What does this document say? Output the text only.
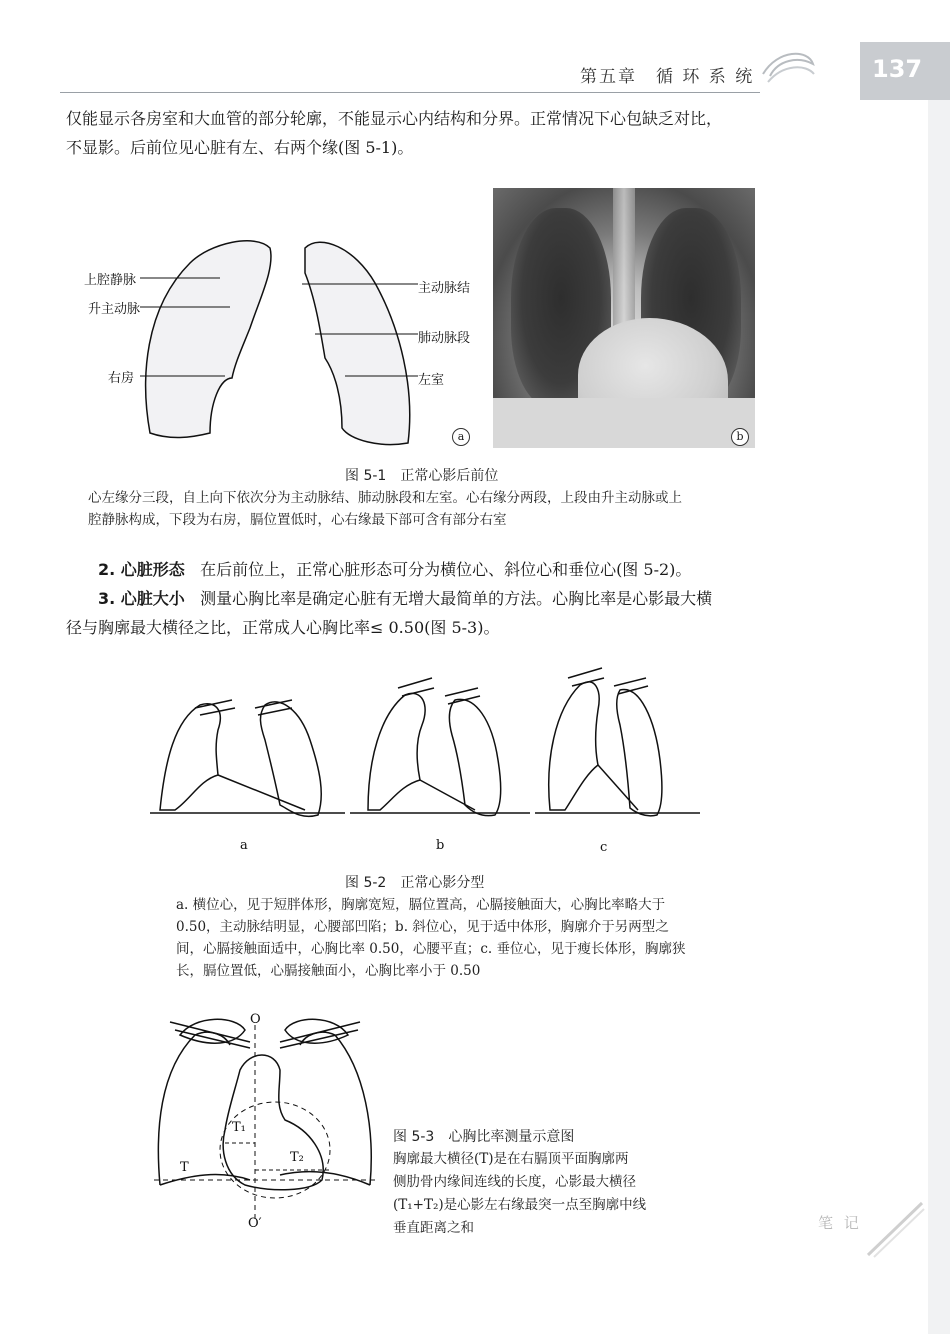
第五章　循 环 系 统	137
仅能显示各房室和大血管的部分轮廓，不能显示心内结构和分界。正常情况下心包缺乏对比，
不显影。后前位见心脏有左、右两个缘(图 5-1)。
上腔静脉
升主动脉
右房
主动脉结
肺动脉段
左室
a	b
图 5-1　正常心影后前位
心左缘分三段，自上向下依次分为主动脉结、肺动脉段和左室。心右缘分两段，上段由升主动脉或上
腔静脉构成，下段为右房，膈位置低时，心右缘最下部可含有部分右室
2. 心脏形态 在后前位上，正常心脏形态可分为横位心、斜位心和垂位心(图 5-2)。
3. 心脏大小 测量心胸比率是确定心脏有无增大最简单的方法。心胸比率是心影最大横
径与胸廓最大横径之比，正常成人心胸比率≤ 0.50(图 5-3)。
a	b	c
图 5-2　正常心影分型
a. 横位心，见于短胖体形，胸廓宽短，膈位置高，心膈接触面大，心胸比率略大于
0.50，主动脉结明显，心腰部凹陷；b. 斜位心，见于适中体形，胸廓介于另两型之
间，心膈接触面适中，心胸比率 0.50，心腰平直；c. 垂位心，见于瘦长体形，胸廓狭
长，膈位置低，心膈接触面小，心胸比率小于 0.50
O
O′
T
T₁
T₂
图 5-3　心胸比率测量示意图
胸廓最大横径(T)是在右膈顶平面胸廓两
侧肋骨内缘间连线的长度，心影最大横径
(T₁+T₂)是心影左右缘最突一点至胸廓中线
垂直距离之和	笔 记
